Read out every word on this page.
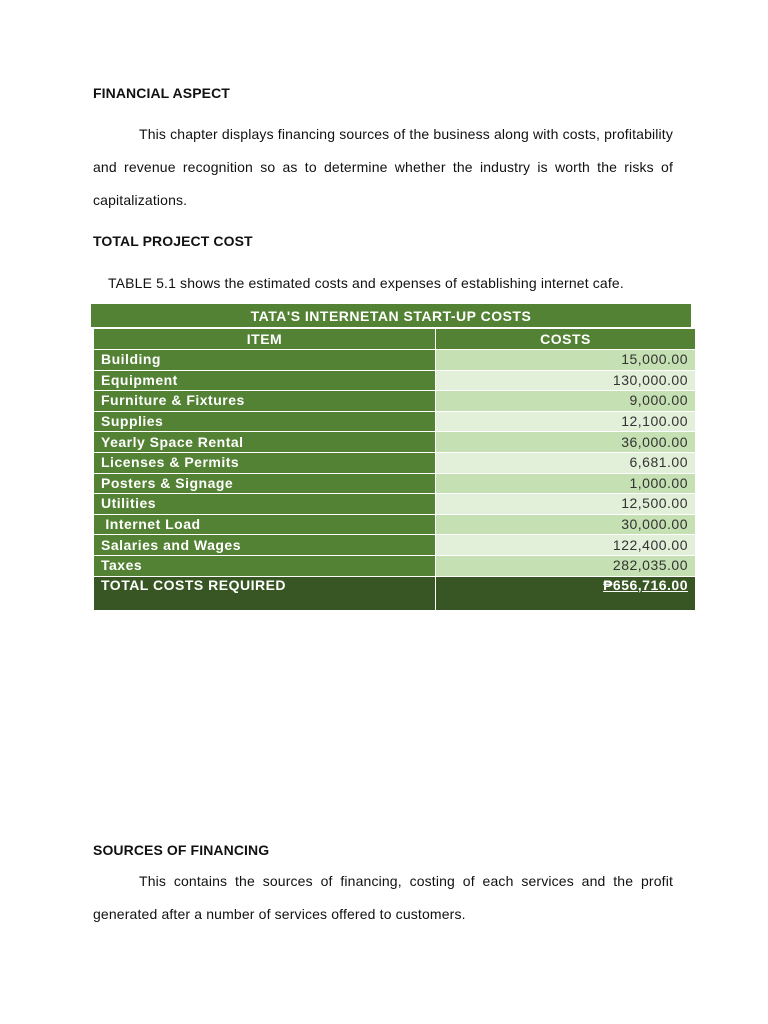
FINANCIAL ASPECT
This chapter displays financing sources of the business along with costs, profitability and revenue recognition so as to determine whether the industry is worth the risks of capitalizations.
TOTAL PROJECT COST
TABLE 5.1 shows the estimated costs and expenses of establishing internet cafe.
TATA'S INTERNETAN START-UP COSTS
ITEM	COSTS
Building	15,000.00
Equipment	130,000.00
Furniture & Fixtures	9,000.00
Supplies	12,100.00
Yearly Space Rental	36,000.00
Licenses & Permits	6,681.00
Posters & Signage	1,000.00
Utilities	12,500.00
Internet Load	30,000.00
Salaries and Wages	122,400.00
Taxes	282,035.00
TOTAL COSTS REQUIRED	₱656,716.00
SOURCES OF FINANCING
This contains the sources of financing, costing of each services and the profit generated after a number of services offered to customers.
